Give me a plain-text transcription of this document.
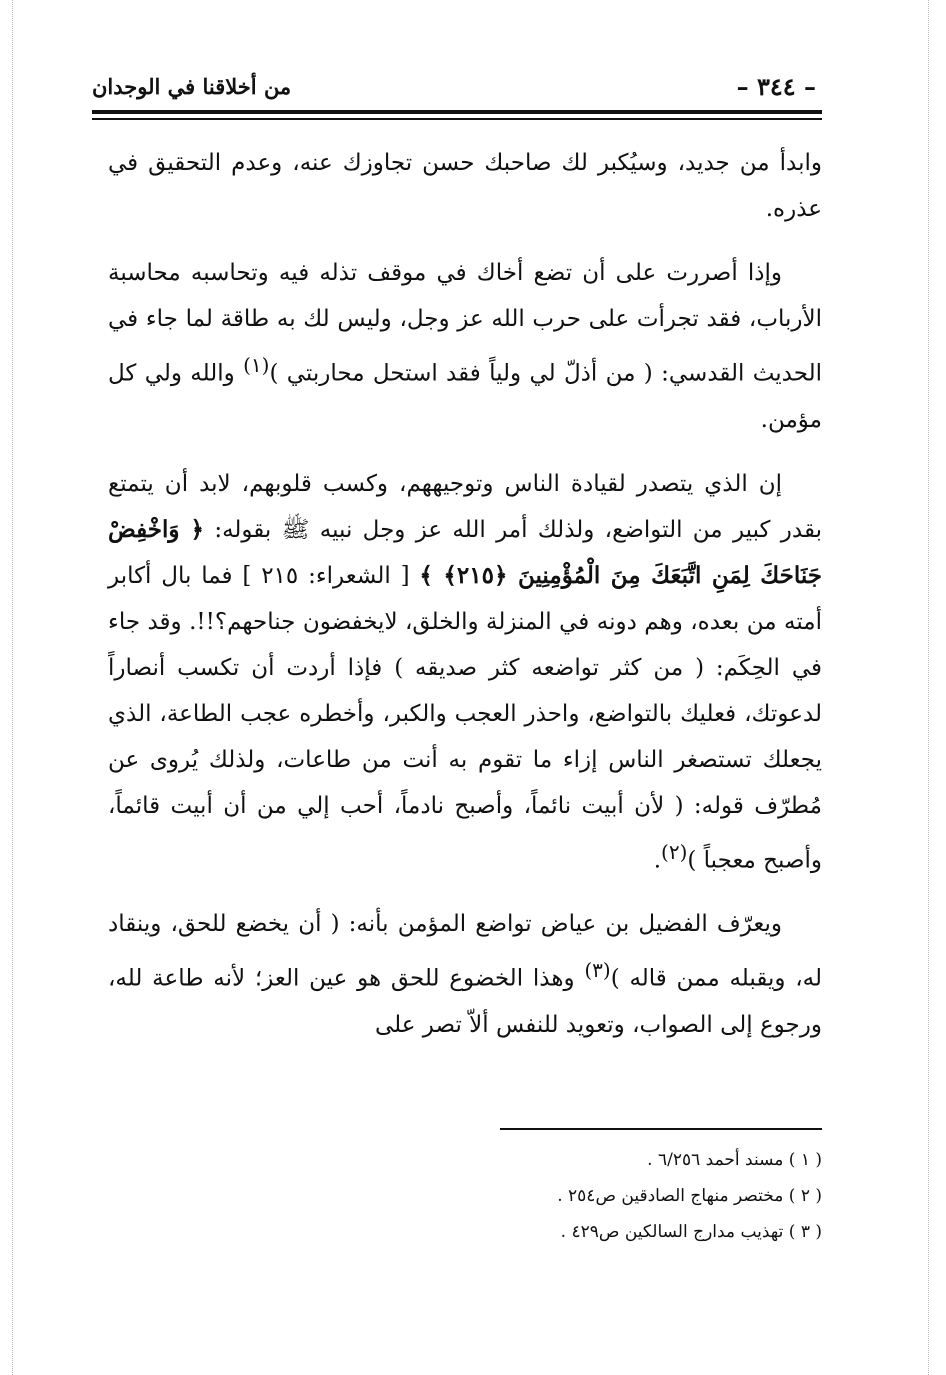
– ٣٤٤ –
من أخلاقنا في الوجدان

وابدأ من جديد، وسيُكبر لك صاحبك حسن تجاوزك عنه، وعدم التحقيق في عذره.

وإذا أصررت على أن تضع أخاك في موقف تذله فيه وتحاسبه محاسبة الأرباب، فقد تجرأت على حرب الله عز وجل، وليس لك به طاقة لما جاء في الحديث القدسي: ( من أذلّ لي ولياً فقد استحل محاربتي )$^{(١)}$ والله ولي كل مؤمن.

إن الذي يتصدر لقيادة الناس وتوجيههم، وكسب قلوبهم، لابد أن يتمتع بقدر كبير من التواضع، ولذلك أمر الله عز وجل نبيه ﷺ بقوله: ﴿ وَاخْفِضْ جَنَاحَكَ لِمَنِ اتَّبَعَكَ مِنَ الْمُؤْمِنِينَ ﴿٢١٥﴾ ﴾ [ الشعراء: ٢١٥ ] فما بال أكابر أمته من بعده، وهم دونه في المنزلة والخلق، لايخفضون جناحهم؟!!. وقد جاء في الحِكَم: ( من كثر تواضعه كثر صديقه ) فإذا أردت أن تكسب أنصاراً لدعوتك، فعليك بالتواضع، واحذر العجب والكبر، وأخطره عجب الطاعة، الذي يجعلك تستصغر الناس إزاء ما تقوم به أنت من طاعات، ولذلك يُروى عن مُطرّف قوله: ( لأن أبيت نائماً، وأصبح نادماً، أحب إلي من أن أبيت قائماً، وأصبح معجباً )$^{(٢)}$.

ويعرّف الفضيل بن عياض تواضع المؤمن بأنه: ( أن يخضع للحق، وينقاد له، ويقبله ممن قاله )$^{(٣)}$ وهذا الخضوع للحق هو عين العز؛ لأنه طاعة لله، ورجوع إلى الصواب، وتعويد للنفس ألاّ تصر على

( ١ ) مسند أحمد ٦/٢٥٦ .

( ٢ ) مختصر منهاج الصادقين ص٢٥٤ .

( ٣ ) تهذيب مدارج السالكين ص٤٢٩ .
